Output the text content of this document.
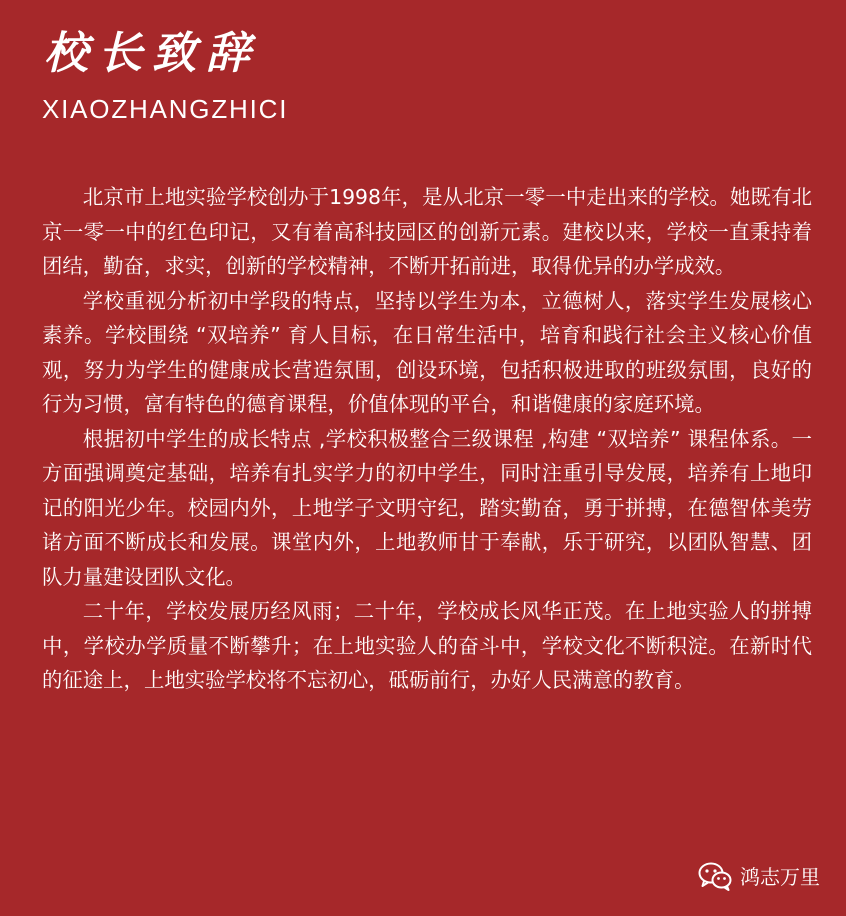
校长致辞
XIAOZHANGZHICI

北京市上地实验学校创办于1998年，是从北京一零一中走出来的学校。她既有北京一零一中的红色印记，又有着高科技园区的创新元素。建校以来，学校一直秉持着团结，勤奋，求实，创新的学校精神，不断开拓前进，取得优异的办学成效。

学校重视分析初中学段的特点，坚持以学生为本，立德树人，落实学生发展核心素养。学校围绕 “双培养” 育人目标，在日常生活中，培育和践行社会主义核心价值观，努力为学生的健康成长营造氛围，创设环境，包括积极进取的班级氛围，良好的行为习惯，富有特色的德育课程，价值体现的平台，和谐健康的家庭环境。

根据初中学生的成长特点 ,学校积极整合三级课程 ,构建 “双培养” 课程体系。一方面强调奠定基础，培养有扎实学力的初中学生，同时注重引导发展，培养有上地印记的阳光少年。校园内外，上地学子文明守纪，踏实勤奋，勇于拼搏，在德智体美劳诸方面不断成长和发展。课堂内外，上地教师甘于奉献，乐于研究，以团队智慧、团队力量建设团队文化。

二十年，学校发展历经风雨；二十年，学校成长风华正茂。在上地实验人的拼搏中，学校办学质量不断攀升；在上地实验人的奋斗中，学校文化不断积淀。在新时代的征途上，上地实验学校将不忘初心，砥砺前行，办好人民满意的教育。

鸿志万里
